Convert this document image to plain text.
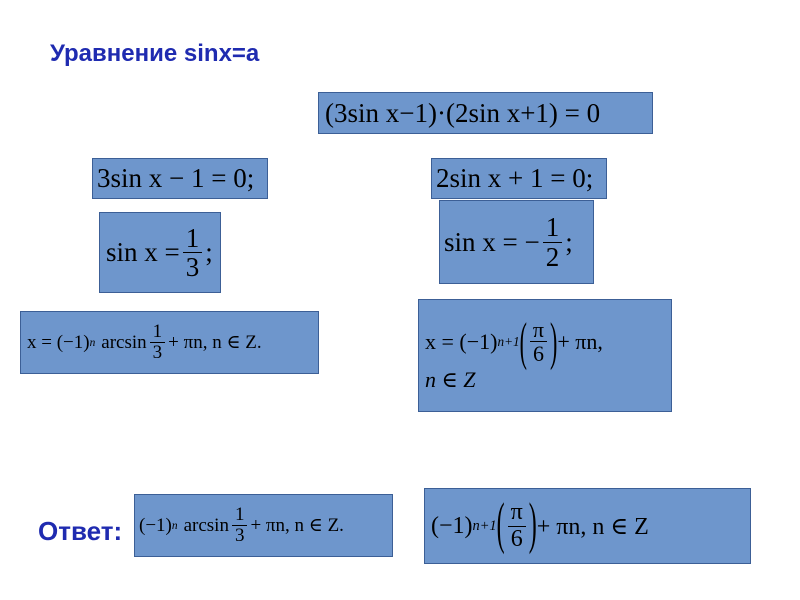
Уравнение sinx=a
(3sin x−1)·(2sin x+1) = 0
3sin x − 1 = 0;	2sin x + 1 = 0;
$\sin x = \frac{1}{3}$ ;	sin x = − $\frac{1}{2}$ ;
x = (−1) n $\arcsin \frac{1}{3} + \pi n$, n ∈ Z.	x = (−1) n+1 ( $\frac{\pi}{6}$ ) + πn,
n ∈ Z
Ответ: (−1) n $\arcsin \frac{1}{3} + \pi n$, n ∈ Z.	(−1) n+1 ( $\frac{\pi}{6}$ ) + πn, n ∈ Z
